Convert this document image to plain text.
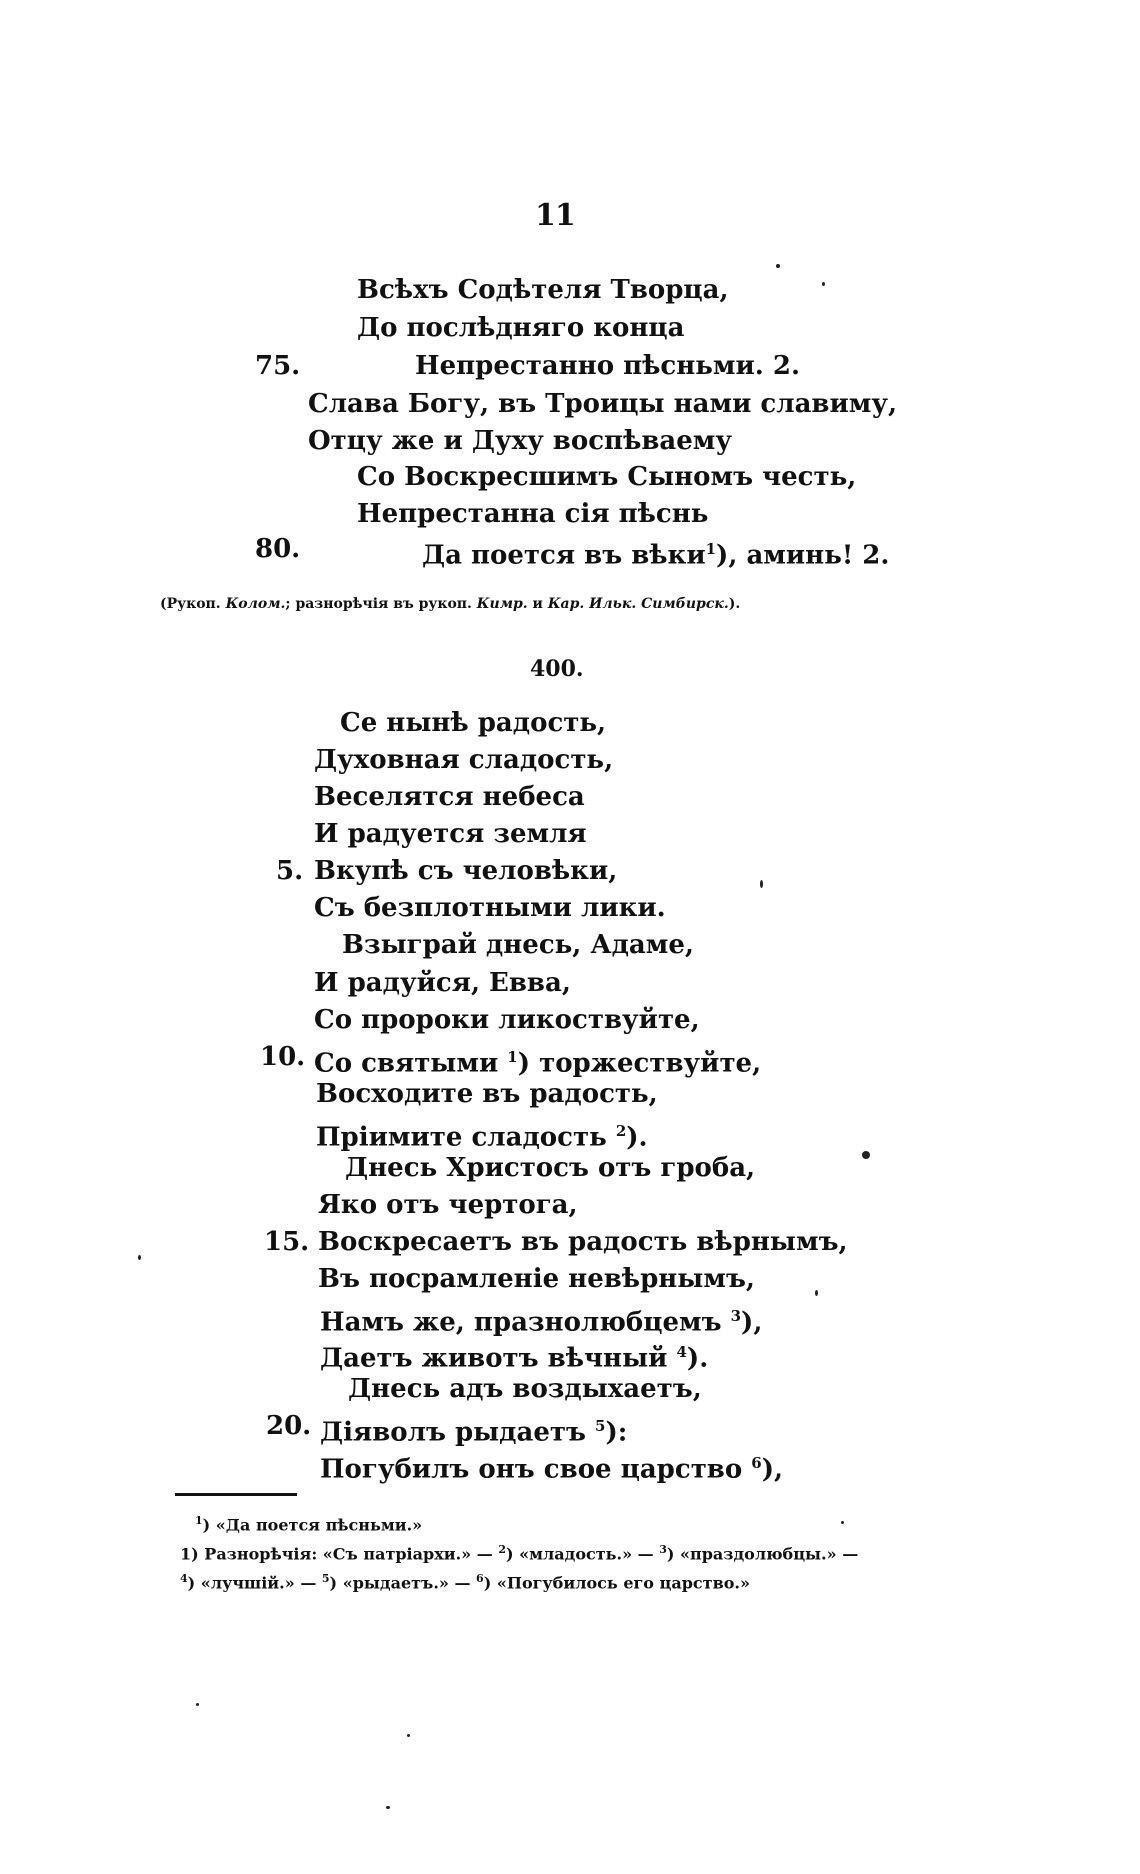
11
Всѣхъ Содѣтеля Творца,
До послѣдняго конца
75.	Непрестанно пѣсньми. 2.
Слава Богу, въ Троицы нами славиму,
Отцу же и Духу воспѣваему
Со Воскресшимъ Сыномъ честь,
Непрестанна сія пѣснь
80.	Да поется въ вѣки$^1$), аминь! 2.
(Рукоп. Колом.; разнорѣчія въ рукоп. Кимр. и Кар. Ильк. Симбирск.).
400.
Се нынѣ радость,
Духовная сладость,
Веселятся небеса
И радуется земля
5. Вкупѣ съ человѣки,
Съ безплотными лики.
Взыграй днесь, Адаме,
И радуйся, Евва,
Со пророки ликоствуйте,
10. Со святыми $^1$) торжествуйте,
Восходите въ радость,
Прiимите сладость $^2$).
Днесь Христосъ отъ гроба,
Яко отъ чертога,
15. Воскресаетъ въ радость вѣрнымъ,
Въ посрамленіе невѣрнымъ,
Намъ же, празнолюбцемъ $^3$),
Даетъ животъ вѣчный $^4$).
Днесь адъ воздыхаетъ,
20. Діяволъ рыдаетъ $^5$):
Погубилъ онъ свое царство $^6$),
$^1$) «Да поется пѣсньми.»
1) Разнорѣчія: «Съ патріархи.» — $^2$) «младость.» — $^3$) «праздолюбцы.» —
$^4$) «лучшій.» — $^5$) «рыдаетъ.» — $^6$) «Погубилось его царство.»
